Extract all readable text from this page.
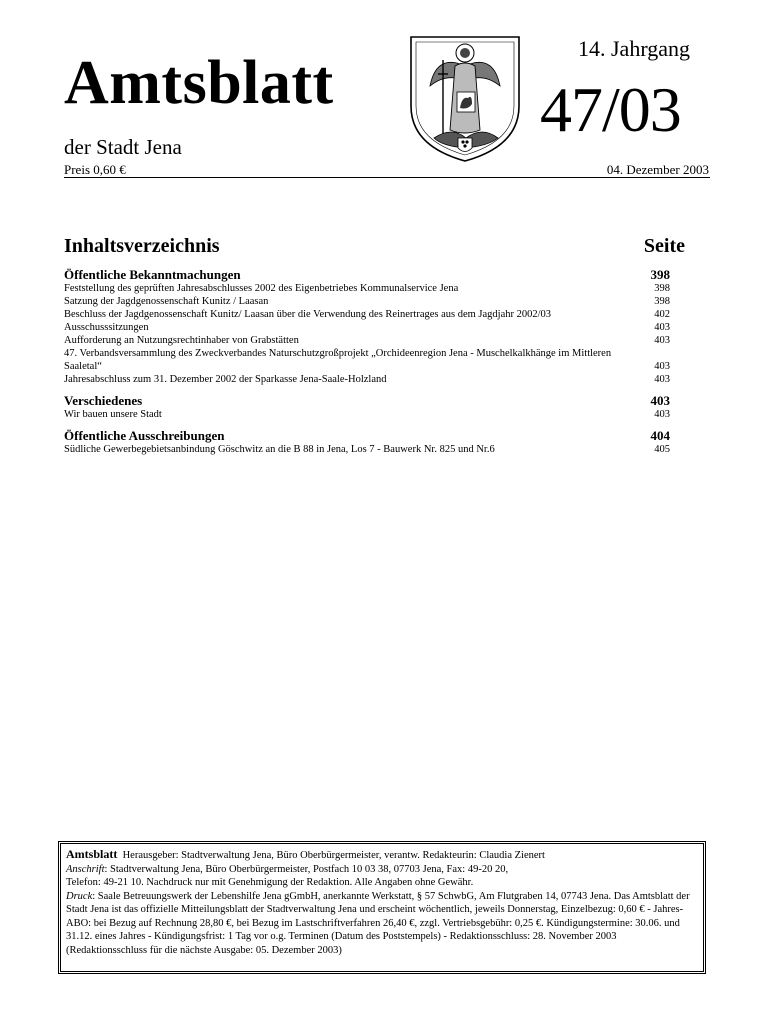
Amtsblatt
der Stadt Jena
Preis 0,60 €
14. Jahrgang
47/03
04. Dezember 2003
Inhaltsverzeichnis	Seite
Öffentliche Bekanntmachungen	398
Feststellung des geprüften Jahresabschlusses 2002 des Eigenbetriebes Kommunalservice Jena	398
Satzung der Jagdgenossenschaft Kunitz / Laasan	398
Beschluss der Jagdgenossenschaft Kunitz/ Laasan über die Verwendung des Reinertrages aus dem Jagdjahr 2002/03	402
Ausschusssitzungen	403
Aufforderung an Nutzungsrechtinhaber von Grabstätten	403
47. Verbandsversammlung des Zweckverbandes Naturschutzgroßprojekt „Orchideenregion Jena - Muschelkalkhänge im Mittleren Saaletal“	403
Jahresabschluss zum 31. Dezember 2002 der Sparkasse Jena-Saale-Holzland	403
Verschiedenes	403
Wir bauen unsere Stadt	403
Öffentliche Ausschreibungen	404
Südliche Gewerbegebietsanbindung Göschwitz an die B 88 in Jena, Los 7 - Bauwerk Nr. 825 und Nr.6	405
Amtsblatt Herausgeber: Stadtverwaltung Jena, Büro Oberbürgermeister, verantw. Redakteurin: Claudia Zienert
Anschrift: Stadtverwaltung Jena, Büro Oberbürgermeister, Postfach 10 03 38, 07703 Jena, Fax: 49-20 20,
Telefon: 49-21 10. Nachdruck nur mit Genehmigung der Redaktion. Alle Angaben ohne Gewähr.
Druck: Saale Betreuungswerk der Lebenshilfe Jena gGmbH, anerkannte Werkstatt, § 57 SchwbG, Am Flutgraben 14, 07743 Jena. Das Amtsblatt der Stadt Jena ist das offizielle Mitteilungsblatt der Stadtverwaltung Jena und erscheint wöchentlich, jeweils Donnerstag, Einzelbezug: 0,60 € - Jahres-ABO: bei Bezug auf Rechnung 28,80 €, bei Bezug im Lastschriftverfahren 26,40 €, zzgl. Vertriebsgebühr: 0,25 €. Kündigungstermine: 30.06. und 31.12. eines Jahres - Kündigungsfrist: 1 Tag vor o.g. Terminen (Datum des Poststempels) - Redaktionsschluss: 28. November 2003
(Redaktionsschluss für die nächste Ausgabe: 05. Dezember 2003)
